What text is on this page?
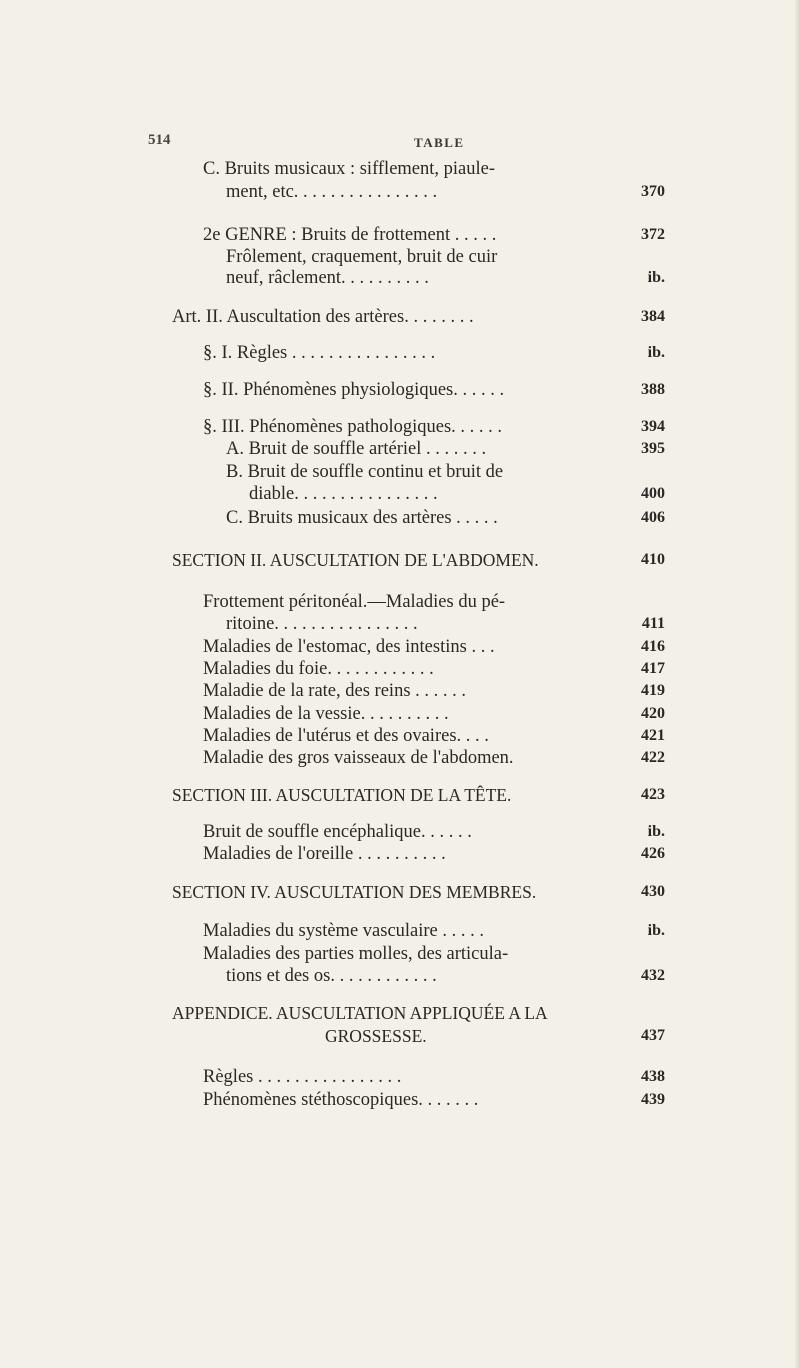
514	TABLE
C. Bruits musicaux : sifflement, piaule-
ment, etc. . . . . . . . . . . . . . . .	370
2e GENRE : Bruits de frottement . . . . .	372
Frôlement, craquement, bruit de cuir
neuf, râclement. . . . . . . . . .	ib.
Art. II. Auscultation des artères. . . . . . . .	384
§. I. Règles . . . . . . . . . . . . . . . .	ib.
§. II. Phénomènes physiologiques. . . . . .	388
§. III. Phénomènes pathologiques. . . . . .	394
A. Bruit de souffle artériel . . . . . . .	395
B. Bruit de souffle continu et bruit de
diable. . . . . . . . . . . . . . . .	400
C. Bruits musicaux des artères . . . . .	406
SECTION II. AUSCULTATION DE L'ABDOMEN.	410
Frottement péritonéal.—Maladies du pé-
ritoine. . . . . . . . . . . . . . . .	411
Maladies de l'estomac, des intestins . . .	416
Maladies du foie. . . . . . . . . . . .	417
Maladie de la rate, des reins . . . . . .	419
Maladies de la vessie. . . . . . . . . .	420
Maladies de l'utérus et des ovaires. . . .	421
Maladie des gros vaisseaux de l'abdomen.	422
SECTION III. AUSCULTATION DE LA TÊTE.	423
Bruit de souffle encéphalique. . . . . .	ib.
Maladies de l'oreille . . . . . . . . . .	426
SECTION IV. AUSCULTATION DES MEMBRES.	430
Maladies du système vasculaire . . . . .	ib.
Maladies des parties molles, des articula-
tions et des os. . . . . . . . . . . .	432
APPENDICE. AUSCULTATION APPLIQUÉE A LA
GROSSESSE.	437
Règles . . . . . . . . . . . . . . . .	438
Phénomènes stéthoscopiques. . . . . . .	439
